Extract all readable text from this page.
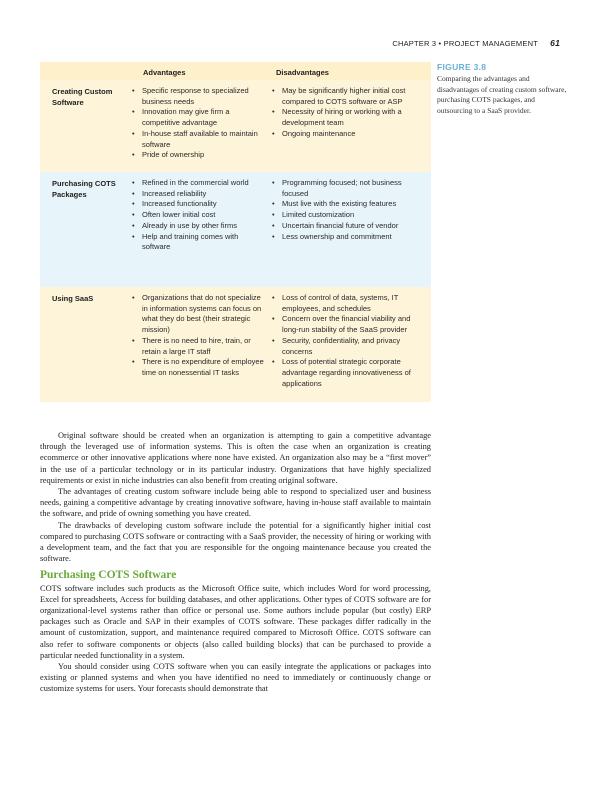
CHAPTER 3 • PROJECT MANAGEMENT 61
Advantages	Disadvantages
Creating Custom Software
• Specific response to specialized business needs
• Innovation may give firm a competitive advantage
• In-house staff available to maintain software
• Pride of ownership
• May be significantly higher initial cost compared to COTS software or ASP
• Necessity of hiring or working with a development team
• Ongoing maintenance
Purchasing COTS Packages
• Refined in the commercial world
• Increased reliability
• Increased functionality
• Often lower initial cost
• Already in use by other firms
• Help and training comes with software
• Programming focused; not business focused
• Must live with the existing features
• Limited customization
• Uncertain financial future of vendor
• Less ownership and commitment
Using SaaS
•	Organizations that do not specialize in information systems can focus on what they do best (their strategic mission)
• There is no need to hire, train, or retain a large IT staff
• There is no expenditure of employee time on nonessential IT tasks
• Loss of control of data, systems, IT employees, and schedules
• Concern over the financial viability and long-run stability of the SaaS provider
• Security, confidentiality, and privacy concerns
• Loss of potential strategic corporate advantage regarding innovativeness of applications
FIGURE 3.8
Comparing the advantages and disadvantages of creating custom software, purchasing COTS packages, and outsourcing to a SaaS provider.

Original software should be created when an organization is attempting to gain a competitive advantage through the leveraged use of information systems. This is often the case when an organization is creating ecommerce or other innovative applications where none have existed. An organization also may be a “first mover” in the use of a particular technology or in its particular industry. Organizations that have highly specialized requirements or exist in niche industries can also benefit from creating original software.

The advantages of creating custom software include being able to respond to specialized user and business needs, gaining a competitive advantage by creating innovative software, having in-house staff available to maintain the software, and pride of owning something you have created.

The drawbacks of developing custom software include the potential for a significantly higher initial cost compared to purchasing COTS software or contracting with a SaaS provider, the necessity of hiring or working with a development team, and the fact that you are responsible for the ongoing maintenance because you created the software.

Purchasing COTS Software

COTS software includes such products as the Microsoft Office suite, which includes Word for word processing, Excel for spreadsheets, Access for building databases, and other applications. Other types of COTS software are for organizational-level systems rather than office or personal use. Some authors include popular (but costly) ERP packages such as Oracle and SAP in their examples of COTS software. These packages differ radically in the amount of customization, support, and maintenance required compared to Microsoft Office. COTS software can also refer to software components or objects (also called building blocks) that can be purchased to provide a particular needed functionality in a system.

You should consider using COTS software when you can easily integrate the applications or packages into existing or planned systems and when you have identified no need to immediately or continuously change or customize systems for users. Your forecasts should demonstrate that
